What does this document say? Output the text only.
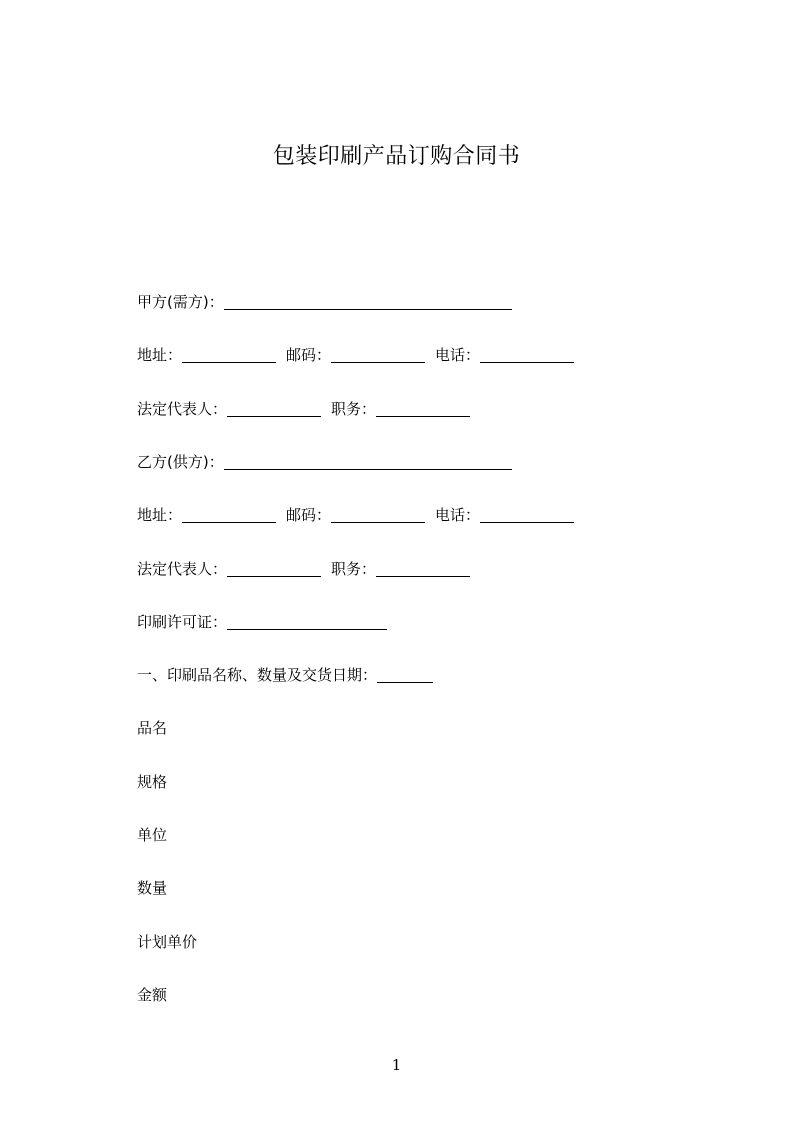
包装印刷产品订购合同书
甲方(需方)：
地址：	邮码：	电话：
法定代表人：	职务：
乙方(供方)：
地址：	邮码：	电话：
法定代表人：	职务：
印刷许可证：
一、印刷品名称、数量及交货日期：
品名
规格
单位
数量
计划单价
金额
1
